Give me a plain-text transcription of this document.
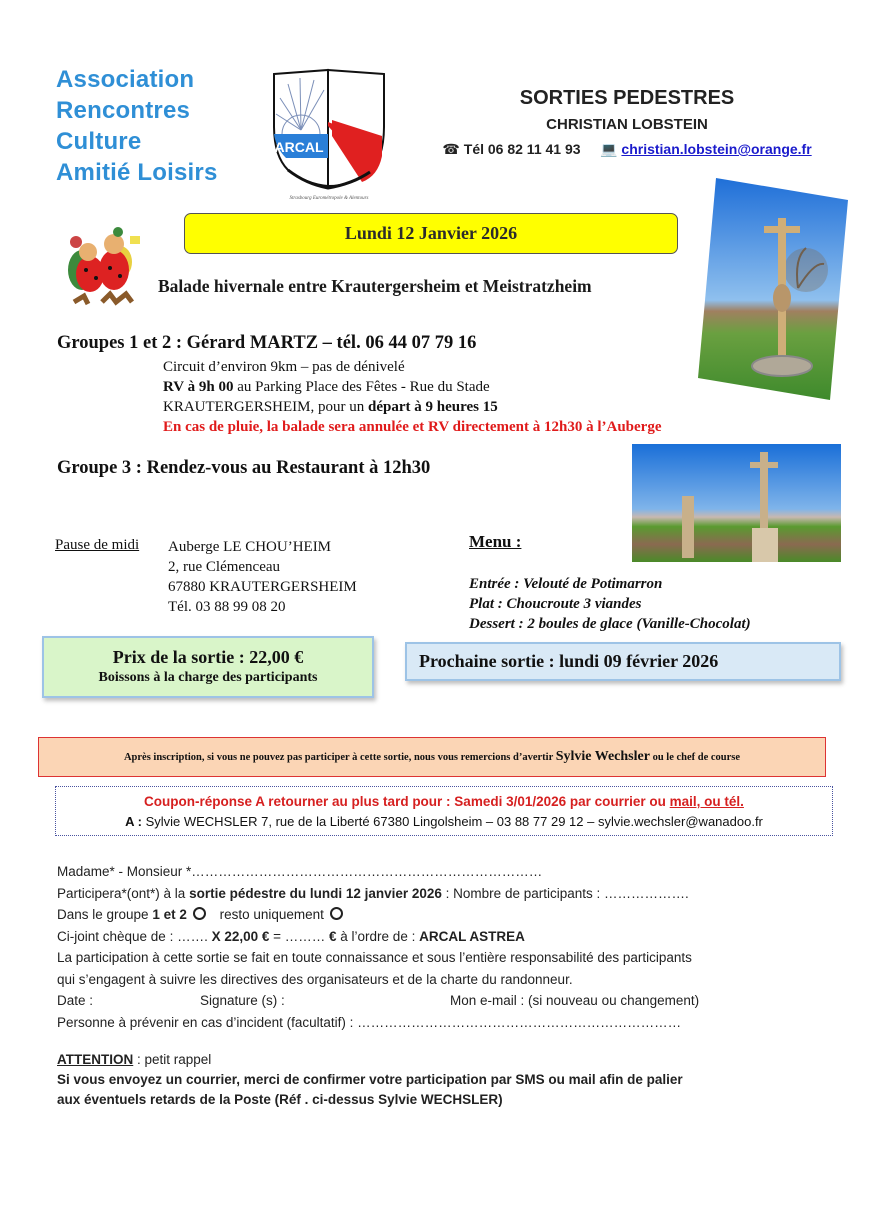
Association
Rencontres
Culture
Amitié Loisirs
ARCAL
Strasbourg Eurométropole & Alentours
SORTIES PEDESTRES
CHRISTIAN LOBSTEIN
☎ Tél 06 82 11 41 93 💻 christian.lobstein@orange.fr
Lundi 12 Janvier 2026
Balade hivernale entre Krautergersheim et Meistratzheim
Groupes 1 et 2 : Gérard MARTZ – tél. 06 44 07 79 16
Circuit d’environ 9km – pas de dénivelé
RV à 9h 00 au Parking Place des Fêtes - Rue du Stade
KRAUTERGERSHEIM, pour un départ à 9 heures 15
En cas de pluie, la balade sera annulée et RV directement à 12h30 à l’Auberge
Groupe 3 : Rendez-vous au Restaurant à 12h30
Pause de midi Auberge LE CHOU’HEIM
2, rue Clémenceau
67880 KRAUTERGERSHEIM
Tél. 03 88 99 08 20
Menu :
Entrée : Velouté de Potimarron
Plat : Choucroute 3 viandes
Dessert : 2 boules de glace (Vanille-Chocolat)
Prix de la sortie : 22,00 €
Boissons à la charge des participants
Prochaine sortie : lundi 09 février 2026
Après inscription, si vous ne pouvez pas participer à cette sortie, nous vous remercions d’avertir Sylvie Wechsler ou le chef de course
Coupon-réponse A retourner au plus tard pour : Samedi 3/01/2026 par courrier ou mail, ou tél.
A : Sylvie WECHSLER 7, rue de la Liberté 67380 Lingolsheim – 03 88 77 29 12 – sylvie.wechsler@wanadoo.fr
Madame* - Monsieur *……………………………………………………………………
Participera*(ont*) à la sortie pédestre du lundi 12 janvier 2026 : Nombre de participants : ……………….
Dans le groupe 1 et 2 resto uniquement
Ci-joint chèque de : ……. X 22,00 € = ……… € à l’ordre de : ARCAL ASTREA
La participation à cette sortie se fait en toute connaissance et sous l’entière responsabilité des participants
qui s’engagent à suivre les directives des organisateurs et de la charte du randonneur.
Date :	Signature (s) :	Mon e-mail : (si nouveau ou changement)
Personne à prévenir en cas d’incident (facultatif) : ………………………………………………………………
ATTENTION : petit rappel
Si vous envoyez un courrier, merci de confirmer votre participation par SMS ou mail afin de palier
aux éventuels retards de la Poste (Réf . ci-dessus Sylvie WECHSLER)
